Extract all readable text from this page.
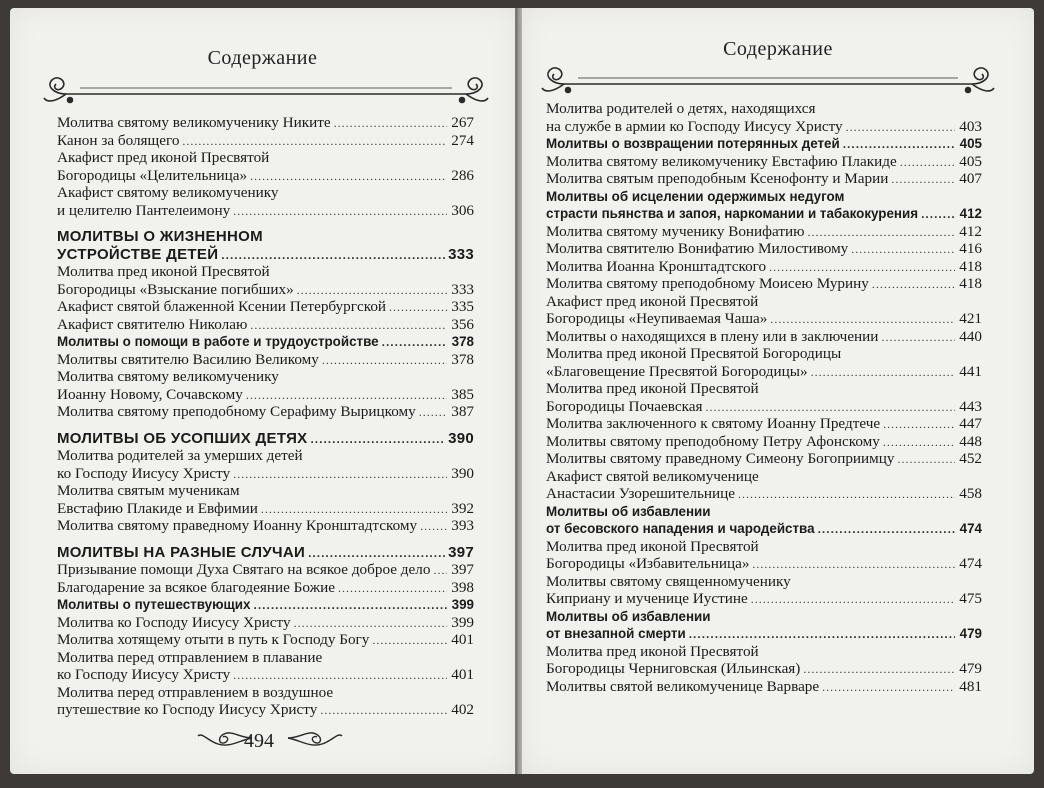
Содержание
Молитва святому великомученику Никите .....	267
Канон за болящего .....	274
Акафист пред иконой Пресвятой
Богородицы «Целительница» .....	286
Акафист святому великомученику
и целителю Пантелеимону .....	306
МОЛИТВЫ О ЖИЗНЕННОМ
УСТРОЙСТВЕ ДЕТЕЙ .....	333
Молитва пред иконой Пресвятой
Богородицы «Взыскание погибших» .....	333
Акафист святой блаженной Ксении Петербургской .....	335
Акафист святителю Николаю .....	356
Молитвы о помощи в работе и трудоустройстве .....	378
Молитвы святителю Василию Великому .....	378
Молитва святому великомученику
Иоанну Новому, Сочавскому .....	385
Молитва святому преподобному Серафиму Вырицкому ..... 387
МОЛИТВЫ ОБ УСОПШИХ ДЕТЯХ .....	390
Молитва родителей за умерших детей
ко Господу Иисусу Христу .....	390
Молитва святым мученикам
Евстафию Плакиде и Евфимии .....	392
Молитва святому праведному Иоанну Кронштадтскому ..... 393
МОЛИТВЫ НА РАЗНЫЕ СЛУЧАИ .....	397
Призывание помощи Духа Святаго на всякое доброе дело ..... 397
Благодарение за всякое благодеяние Божие .....	398
Молитвы о путешествующих .....	399
Молитва ко Господу Иисусу Христу .....	399
Молитва хотящему отыти в путь к Господу Богу .....	401
Молитва перед отправлением в плавание
ко Господу Иисусу Христу .....	401
Молитва перед отправлением в воздушное
путешествие ко Господу Иисусу Христу .....	402
494
Содержание
Молитва родителей о детях, находящихся
на службе в армии ко Господу Иисусу Христу .....	403
Молитвы о возвращении потерянных детей .....	405
Молитва святому великомученику Евстафию Плакиде .....	405
Молитва святым преподобным Ксенофонту и Марии .....	407
Молитвы об исцелении одержимых недугом
страсти пьянства и запоя, наркомании и табакокурения .....	412
Молитва святому мученику Вонифатию .....	412
Молитва святителю Вонифатию Милостивому .....	416
Молитва Иоанна Кронштадтского .....	418
Молитва святому преподобному Моисею Мурину .....	418
Акафист пред иконой Пресвятой
Богородицы «Неупиваемая Чаша» .....	421
Молитвы о находящихся в плену или в заключении .....	440
Молитва пред иконой Пресвятой Богородицы
«Благовещение Пресвятой Богородицы» .....	441
Молитва пред иконой Пресвятой
Богородицы Почаевская .....	443
Молитва заключенного к святому Иоанну Предтече .....	447
Молитвы святому преподобному Петру Афонскому .....	448
Молитвы святому праведному Симеону Богоприимцу .....	452
Акафист святой великомученице
Анастасии Узорешительнице .....	458
Молитвы об избавлении
от бесовского нападения и чародейства .....	474
Молитва пред иконой Пресвятой
Богородицы «Избавительница» .....	474
Молитвы святому священномученику
Киприану и мученице Иустине .....	475
Молитвы об избавлении
от внезапной смерти .....	479
Молитва пред иконой Пресвятой
Богородицы Черниговская (Ильинская) .....	479
Молитвы святой великомученице Варваре .....	481
